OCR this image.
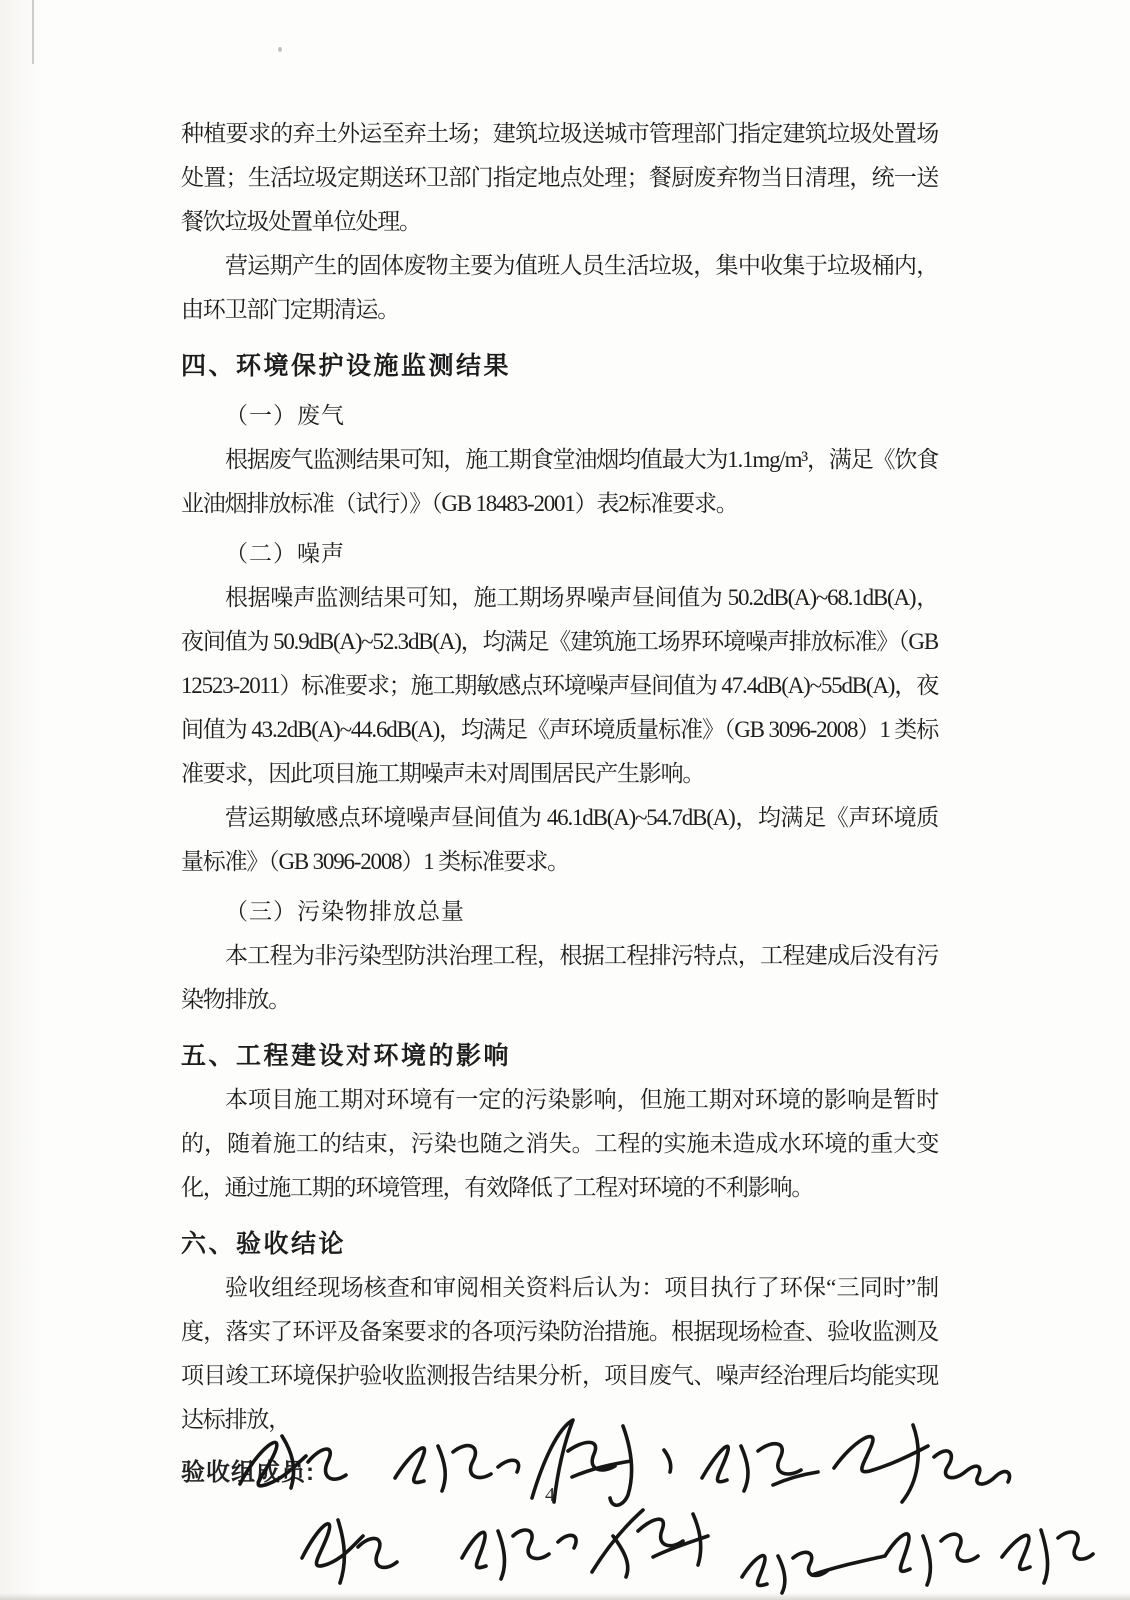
种植要求的弃土外运至弃土场；建筑垃圾送城市管理部门指定建筑垃圾处置场处置；生活垃圾定期送环卫部门指定地点处理；餐厨废弃物当日清理，统一送餐饮垃圾处置单位处理。
营运期产生的固体废物主要为值班人员生活垃圾，集中收集于垃圾桶内，由环卫部门定期清运。
四、环境保护设施监测结果
（一）废气
根据废气监测结果可知，施工期食堂油烟均值最大为1.1mg/m³，满足《饮食业油烟排放标准（试行）》（GB 18483-2001）表2标准要求。
（二）噪声
根据噪声监测结果可知，施工期场界噪声昼间值为 50.2dB(A)~68.1dB(A)，夜间值为 50.9dB(A)~52.3dB(A)，均满足《建筑施工场界环境噪声排放标准》（GB 12523-2011）标准要求；施工期敏感点环境噪声昼间值为 47.4dB(A)~55dB(A)，夜间值为 43.2dB(A)~44.6dB(A)，均满足《声环境质量标准》（GB 3096-2008）1 类标准要求，因此项目施工期噪声未对周围居民产生影响。
营运期敏感点环境噪声昼间值为 46.1dB(A)~54.7dB(A)，均满足《声环境质量标准》（GB 3096-2008）1 类标准要求。
（三）污染物排放总量
本工程为非污染型防洪治理工程，根据工程排污特点，工程建成后没有污染物排放。
五、工程建设对环境的影响
本项目施工期对环境有一定的污染影响，但施工期对环境的影响是暂时的，随着施工的结束，污染也随之消失。工程的实施未造成水环境的重大变化，通过施工期的环境管理，有效降低了工程对环境的不利影响。
六、验收结论
验收组经现场核查和审阅相关资料后认为：项目执行了环保“三同时”制度，落实了环评及备案要求的各项污染防治措施。根据现场检查、验收监测及项目竣工环境保护验收监测报告结果分析，项目废气、噪声经治理后均能实现达标排放，
验收组成员:
4
